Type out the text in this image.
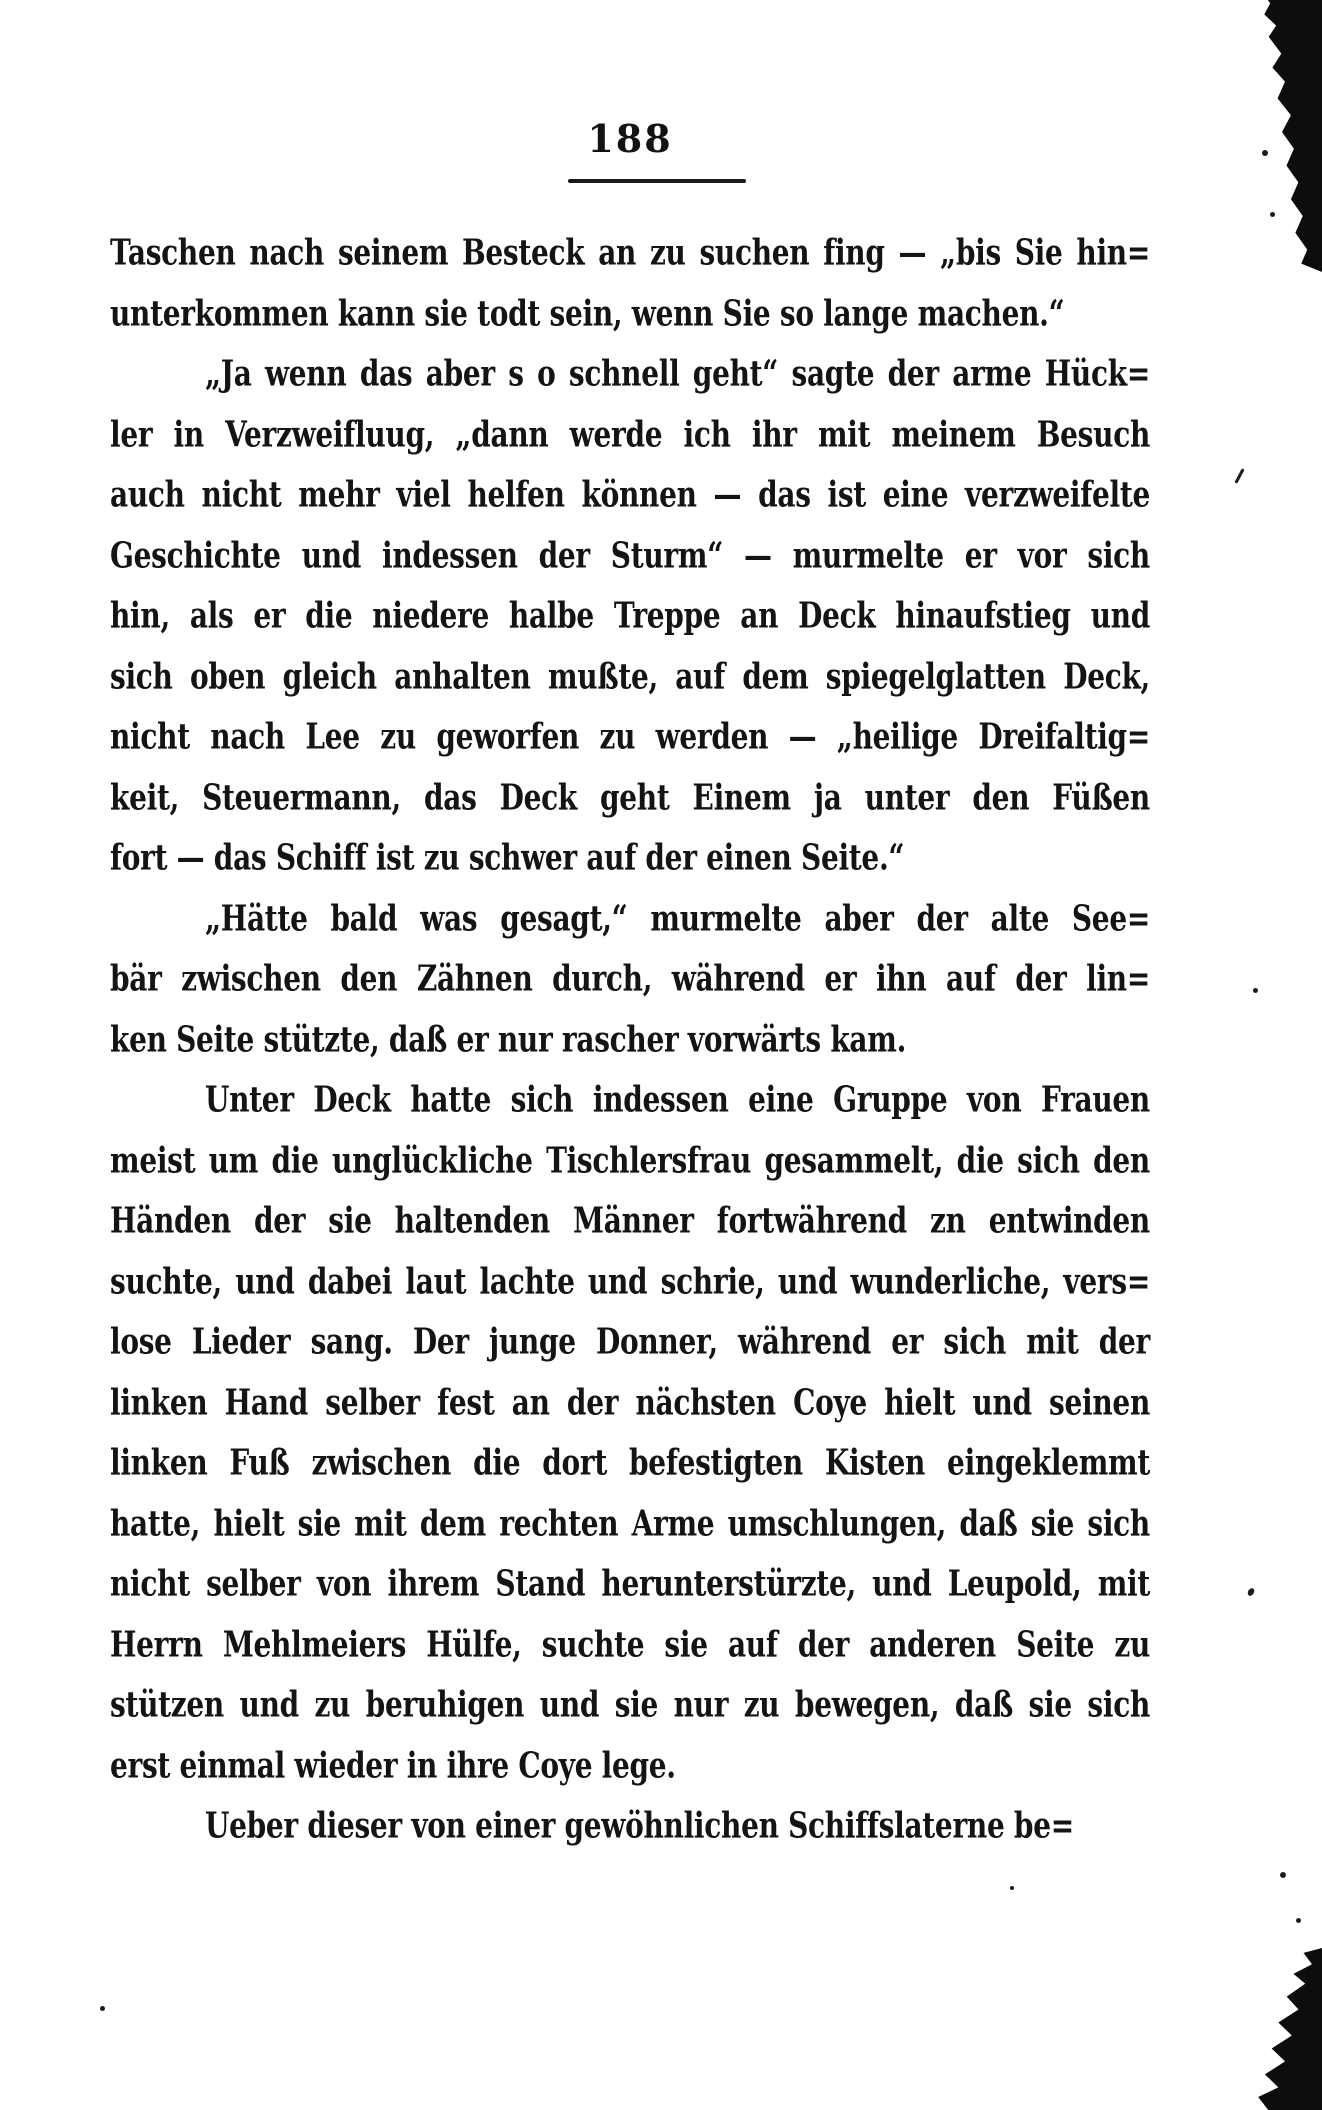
188
Taschen nach seinem Besteck an zu suchen fing — „bis Sie hin=
unterkommen kann sie todt sein, wenn Sie so lange machen.“
„Ja wenn das aber s o schnell geht“ sagte der arme Hück=
ler in Verzweifluug, „dann werde ich ihr mit meinem Besuch
auch nicht mehr viel helfen können — das ist eine verzweifelte
Geschichte und indessen der Sturm“ — murmelte er vor sich
hin, als er die niedere halbe Treppe an Deck hinaufstieg und
sich oben gleich anhalten mußte, auf dem spiegelglatten Deck,
nicht nach Lee zu geworfen zu werden — „heilige Dreifaltig=
keit, Steuermann, das Deck geht Einem ja unter den Füßen
fort — das Schiff ist zu schwer auf der einen Seite.“
„Hätte bald was gesagt,“ murmelte aber der alte See=
bär zwischen den Zähnen durch, während er ihn auf der lin=
ken Seite stützte, daß er nur rascher vorwärts kam.
Unter Deck hatte sich indessen eine Gruppe von Frauen
meist um die unglückliche Tischlersfrau gesammelt, die sich den
Händen der sie haltenden Männer fortwährend zn entwinden
suchte, und dabei laut lachte und schrie, und wunderliche, vers=
lose Lieder sang. Der junge Donner, während er sich mit der
linken Hand selber fest an der nächsten Coye hielt und seinen
linken Fuß zwischen die dort befestigten Kisten eingeklemmt
hatte, hielt sie mit dem rechten Arme umschlungen, daß sie sich
nicht selber von ihrem Stand herunterstürzte, und Leupold, mit
Herrn Mehlmeiers Hülfe, suchte sie auf der anderen Seite zu
stützen und zu beruhigen und sie nur zu bewegen, daß sie sich
erst einmal wieder in ihre Coye lege.
Ueber dieser von einer gewöhnlichen Schiffslaterne be=
